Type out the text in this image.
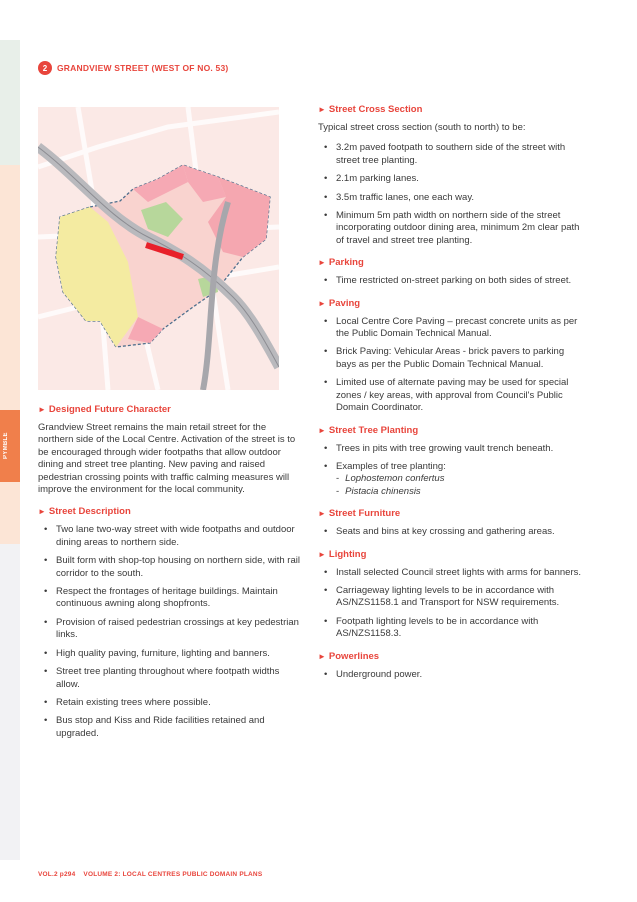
PYMBLE
2	GRANDVIEW STREET (WEST OF NO. 53)
► Designed Future Character

Grandview Street remains the main retail street for the northern side of the Local Centre. Activation of the street is to be encouraged through wider footpaths that allow outdoor dining and street tree planting. New paving and raised pedestrian crossing points with traffic calming measures will improve the environment for the local community.

► Street Description
• Two lane two-way street with wide footpaths and outdoor dining areas to northern side.
• Built form with shop-top housing on northern side, with rail corridor to the south.
• Respect the frontages of heritage buildings. Maintain continuous awning along shopfronts.
• Provision of raised pedestrian crossings at key pedestrian links.
• High quality paving, furniture, lighting and banners.
• Street tree planting throughout where footpath widths allow.
• Retain existing trees where possible.
• Bus stop and Kiss and Ride facilities retained and upgraded.
► Street Cross Section

Typical street cross section (south to north) to be:

• 3.2m paved footpath to southern side of the street with street tree planting.
• 2.1m parking lanes.
• 3.5m traffic lanes, one each way.
• Minimum 5m path width on northern side of the street incorporating outdoor dining area, minimum 2m clear path of travel and street tree planting.
► Parking
• Time restricted on-street parking on both sides of street.
► Paving
• Local Centre Core Paving – precast concrete units as per the Public Domain Technical Manual.
• Brick Paving: Vehicular Areas - brick pavers to parking bays as per the Public Domain Technical Manual.
• Limited use of alternate paving may be used for special zones / key areas, with approval from Council's Public Domain Coordinator.
► Street Tree Planting
• Trees in pits with tree growing vault trench beneath.
• Examples of tree planting:
- Lophostemon confertus
- Pistacia chinensis
► Street Furniture
• Seats and bins at key crossing and gathering areas.
► Lighting
• Install selected Council street lights with arms for banners.
• Carriageway lighting levels to be in accordance with AS/NZS1158.1 and Transport for NSW requirements.
• Footpath lighting levels to be in accordance with AS/NZS1158.3.
► Powerlines
• Underground power.
VOL.2 p294 VOLUME 2: LOCAL CENTRES PUBLIC DOMAIN PLANS
